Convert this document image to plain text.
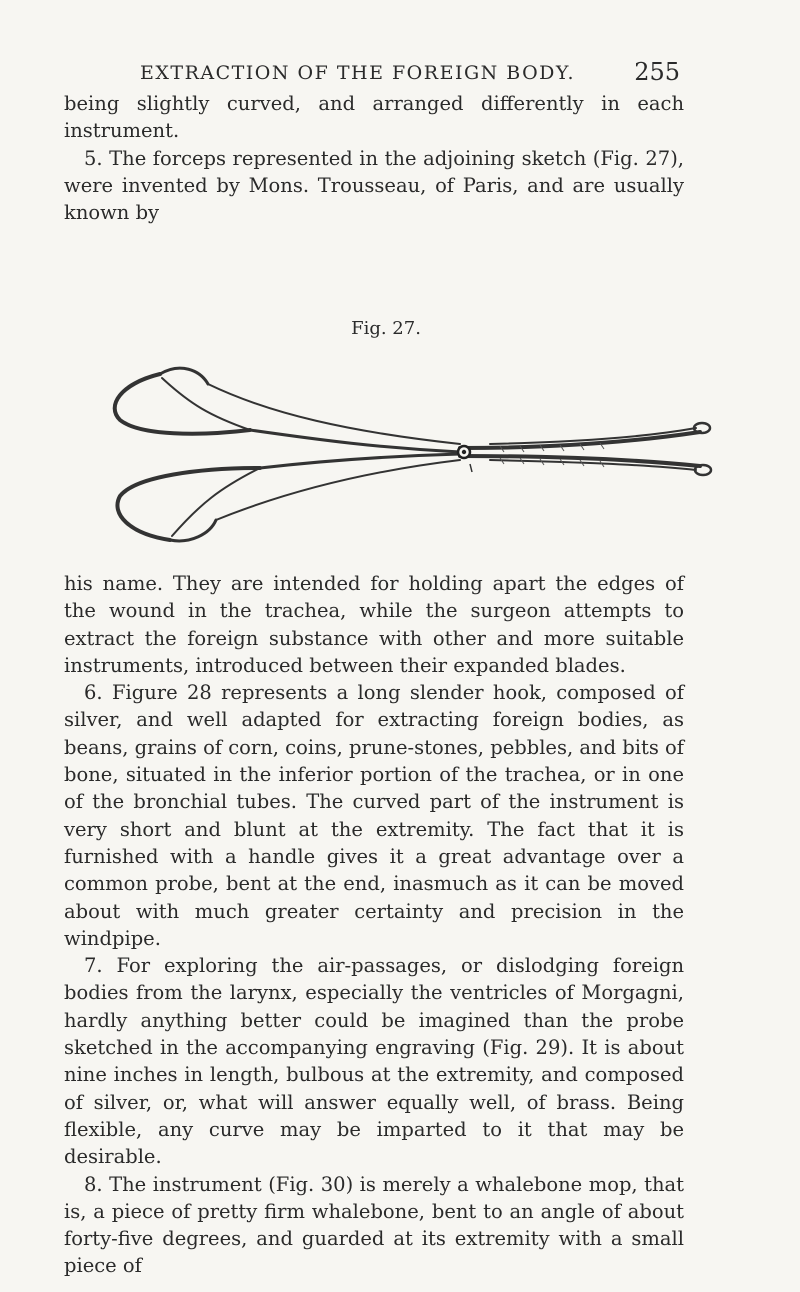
EXTRACTION OF THE FOREIGN BODY. 255

being slightly curved, and arranged differently in each instrument.

5. The forceps represented in the adjoining sketch (Fig. 27), were invented by Mons. Trousseau, of Paris, and are usually known by

Fig. 27.

his name. They are intended for holding apart the edges of the wound in the trachea, while the surgeon attempts to extract the foreign substance with other and more suitable instruments, introduced between their expanded blades.

6. Figure 28 represents a long slender hook, composed of silver, and well adapted for extracting foreign bodies, as beans, grains of corn, coins, prune-stones, pebbles, and bits of bone, situated in the inferior portion of the trachea, or in one of the bronchial tubes. The curved part of the instrument is very short and blunt at the extremity. The fact that it is furnished with a handle gives it a great advantage over a common probe, bent at the end, inasmuch as it can be moved about with much greater certainty and precision in the windpipe.

7. For exploring the air-passages, or dislodging foreign bodies from the larynx, especially the ventricles of Morgagni, hardly anything better could be imagined than the probe sketched in the accompanying engraving (Fig. 29). It is about nine inches in length, bulbous at the extremity, and composed of silver, or, what will answer equally well, of brass. Being flexible, any curve may be imparted to it that may be desirable.

8. The instrument (Fig. 30) is merely a whalebone mop, that is, a piece of pretty firm whalebone, bent to an angle of about forty-five degrees, and guarded at its extremity with a small piece of
